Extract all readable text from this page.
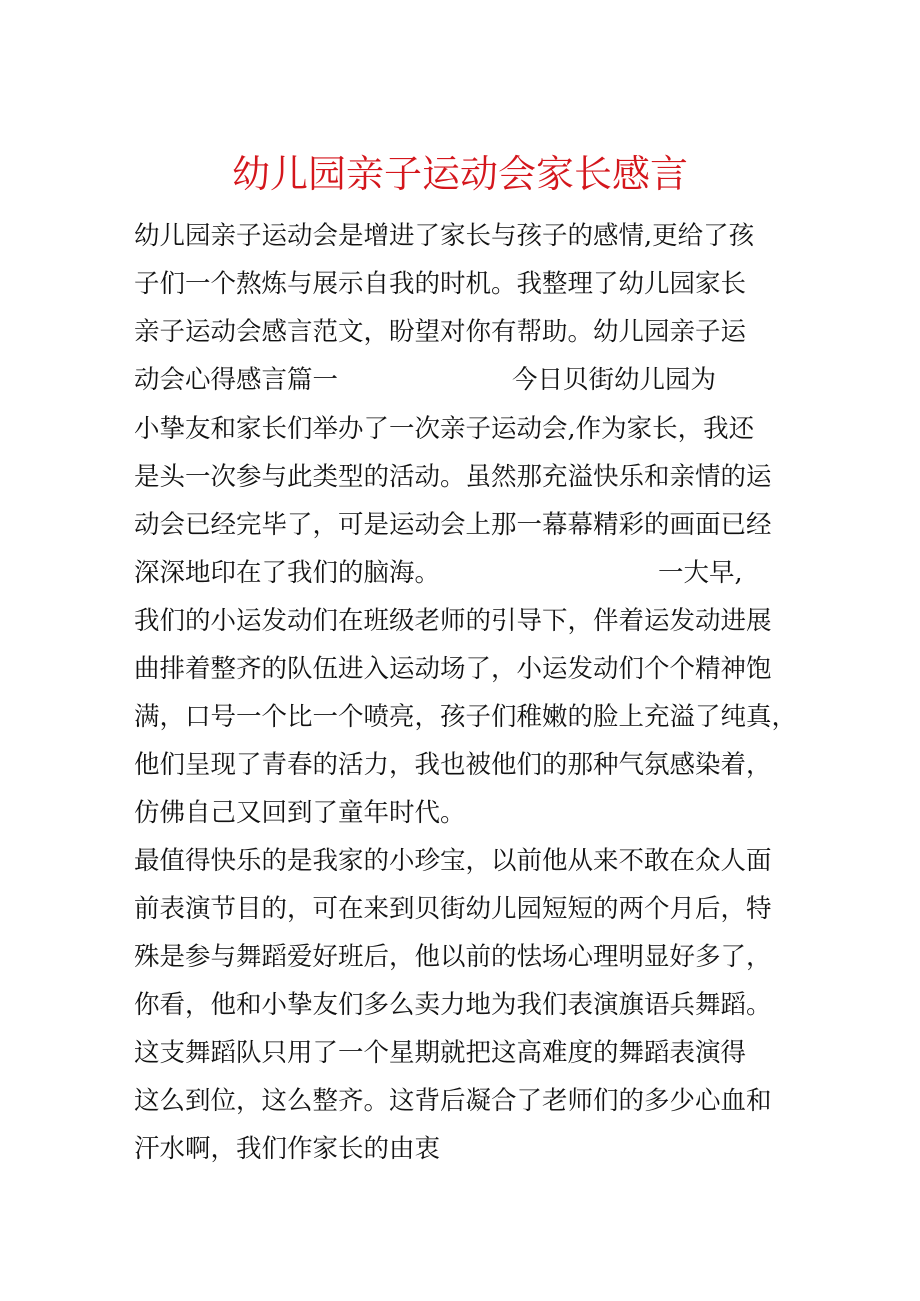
幼儿园亲子运动会家长感言
幼儿园亲子运动会是增进了家长与孩子的感情,更给了孩
子们一个熬炼与展示自我的时机。我整理了幼儿园家长
亲子运动会感言范文，盼望对你有帮助。幼儿园亲子运
动会心得感言篇一	今日贝街幼儿园为
小挚友和家长们举办了一次亲子运动会,作为家长，我还
是头一次参与此类型的活动。虽然那充溢快乐和亲情的运
动会已经完毕了，可是运动会上那一幕幕精彩的画面已经
深深地印在了我们的脑海。	一大早,
我们的小运发动们在班级老师的引导下，伴着运发动进展
曲排着整齐的队伍进入运动场了，小运发动们个个精神饱
满，口号一个比一个喷亮，孩子们稚嫩的脸上充溢了纯真，
他们呈现了青春的活力，我也被他们的那种气氛感染着，
仿佛自己又回到了童年时代。
最值得快乐的是我家的小珍宝，以前他从来不敢在众人面
前表演节目的，可在来到贝街幼儿园短短的两个月后，特
殊是参与舞蹈爱好班后，他以前的怯场心理明显好多了，
你看，他和小挚友们多么卖力地为我们表演旗语兵舞蹈。
这支舞蹈队只用了一个星期就把这高难度的舞蹈表演得
这么到位，这么整齐。这背后凝合了老师们的多少心血和
汗水啊，我们作家长的由衷
